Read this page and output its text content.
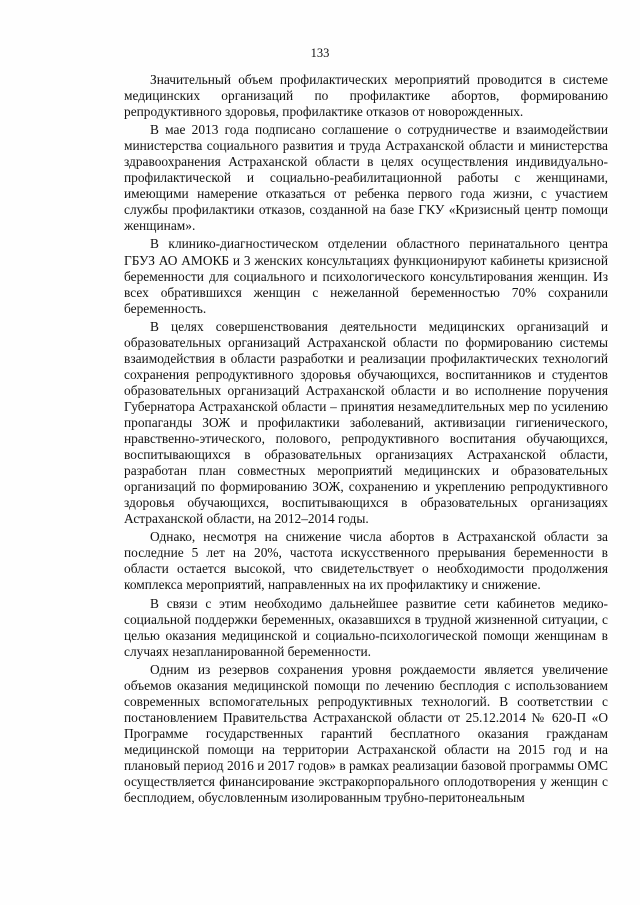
133

Значительный объем профилактических мероприятий проводится в системе медицинских организаций по профилактике абортов, формированию репродуктивного здоровья, профилактике отказов от новорожденных.

В мае 2013 года подписано соглашение о сотрудничестве и взаимодействии министерства социального развития и труда Астраханской области и министерства здравоохранения Астраханской области в целях осуществления индивидуально-профилактической и социально-реабилитационной работы с женщинами, имеющими намерение отказаться от ребенка первого года жизни, с участием службы профилактики отказов, созданной на базе ГКУ «Кризисный центр помощи женщинам».

В клинико-диагностическом отделении областного перинатального центра ГБУЗ АО АМОКБ и 3 женских консультациях функционируют кабинеты кризисной беременности для социального и психологического консультирования женщин. Из всех обратившихся женщин с нежеланной беременностью 70% сохранили беременность.

В целях совершенствования деятельности медицинских организаций и образовательных организаций Астраханской области по формированию системы взаимодействия в области разработки и реализации профилактических технологий сохранения репродуктивного здоровья обучающихся, воспитанников и студентов образовательных организаций Астраханской области и во исполнение поручения Губернатора Астраханской области – принятия незамедлительных мер по усилению пропаганды ЗОЖ и профилактики заболеваний, активизации гигиенического, нравственно-этического, полового, репродуктивного воспитания обучающихся, воспитывающихся в образовательных организациях Астраханской области, разработан план совместных мероприятий медицинских и образовательных организаций по формированию ЗОЖ, сохранению и укреплению репродуктивного здоровья обучающихся, воспитывающихся в образовательных организациях Астраханской области, на 2012–2014 годы.

Однако, несмотря на снижение числа абортов в Астраханской области за последние 5 лет на 20%, частота искусственного прерывания беременности в области остается высокой, что свидетельствует о необходимости продолжения комплекса мероприятий, направленных на их профилактику и снижение.

В связи с этим необходимо дальнейшее развитие сети кабинетов медико-социальной поддержки беременных, оказавшихся в трудной жизненной ситуации, с целью оказания медицинской и социально-психологической помощи женщинам в случаях незапланированной беременности.

Одним из резервов сохранения уровня рождаемости является увеличение объемов оказания медицинской помощи по лечению бесплодия с использованием современных вспомогательных репродуктивных технологий. В соответствии с постановлением Правительства Астраханской области от 25.12.2014 № 620-П «О Программе государственных гарантий бесплатного оказания гражданам медицинской помощи на территории Астраханской области на 2015 год и на плановый период 2016 и 2017 годов» в рамках реализации базовой программы ОМС осуществляется финансирование экстракорпорального оплодотворения у женщин с бесплодием, обусловленным изолированным трубно-перитонеальным
